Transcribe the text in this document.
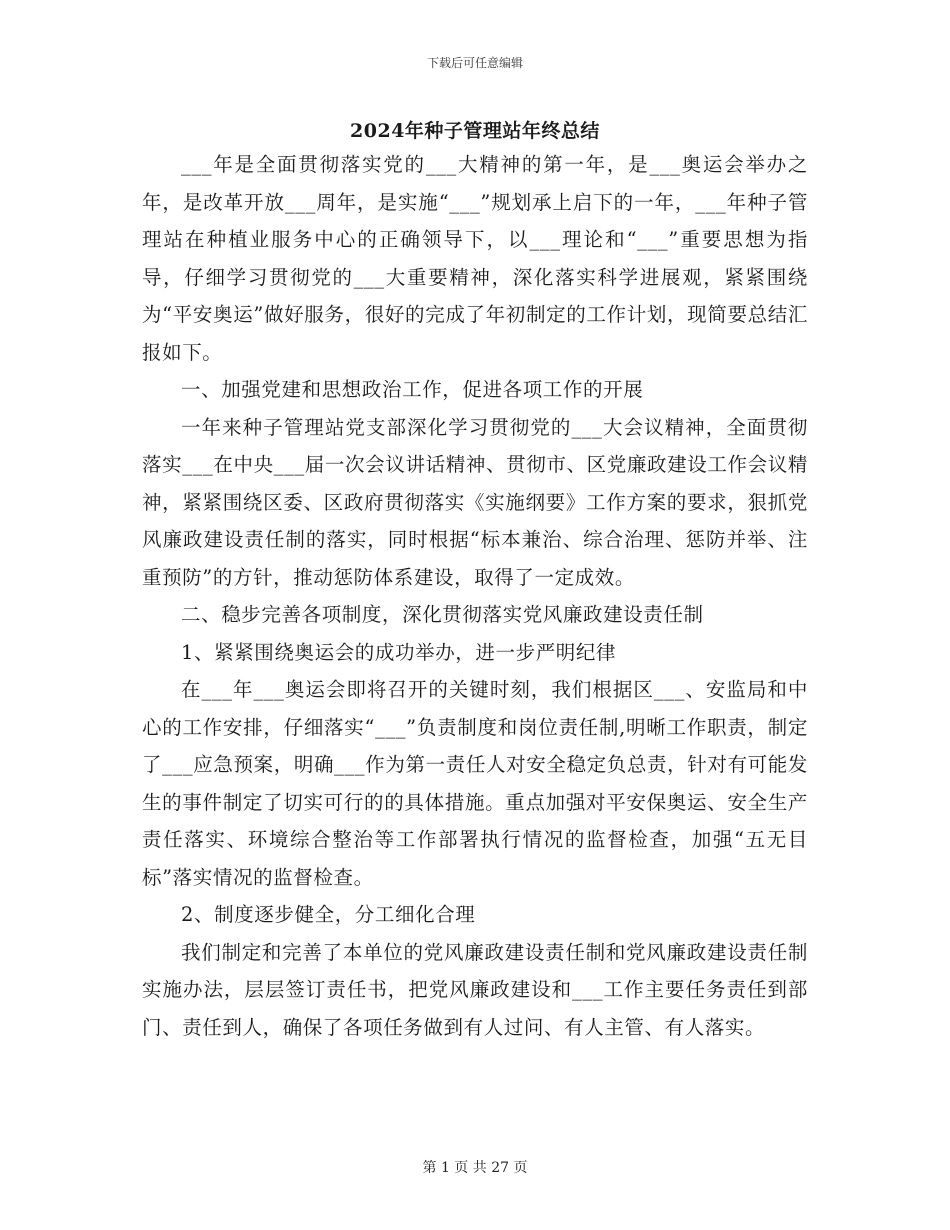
下载后可任意编辑
2024年种子管理站年终总结

___年是全面贯彻落实党的___大精神的第一年，是___奥运会举办之年，是改革开放___周年，是实施“___”规划承上启下的一年，___年种子管理站在种植业服务中心的正确领导下，以___理论和“___”重要思想为指导，仔细学习贯彻党的___大重要精神，深化落实科学进展观，紧紧围绕为“平安奥运”做好服务，很好的完成了年初制定的工作计划，现简要总结汇报如下。

一、加强党建和思想政治工作，促进各项工作的开展

一年来种子管理站党支部深化学习贯彻党的___大会议精神，全面贯彻落实___在中央___届一次会议讲话精神、贯彻市、区党廉政建设工作会议精神，紧紧围绕区委、区政府贯彻落实《实施纲要》工作方案的要求，狠抓党风廉政建设责任制的落实，同时根据“标本兼治、综合治理、惩防并举、注重预防”的方针，推动惩防体系建设，取得了一定成效。

二、稳步完善各项制度，深化贯彻落实党风廉政建设责任制

1、紧紧围绕奥运会的成功举办，进一步严明纪律

在___年___奥运会即将召开的关键时刻，我们根据区___、安监局和中心的工作安排，仔细落实“___”负责制度和岗位责任制,明晰工作职责，制定了___应急预案，明确___作为第一责任人对安全稳定负总责，针对有可能发生的事件制定了切实可行的的具体措施。重点加强对平安保奥运、安全生产责任落实、环境综合整治等工作部署执行情况的监督检查，加强“五无目标”落实情况的监督检查。

2、制度逐步健全，分工细化合理

我们制定和完善了本单位的党风廉政建设责任制和党风廉政建设责任制实施办法，层层签订责任书，把党风廉政建设和___工作主要任务责任到部门、责任到人，确保了各项任务做到有人过问、有人主管、有人落实。

第 1 页 共 27 页
